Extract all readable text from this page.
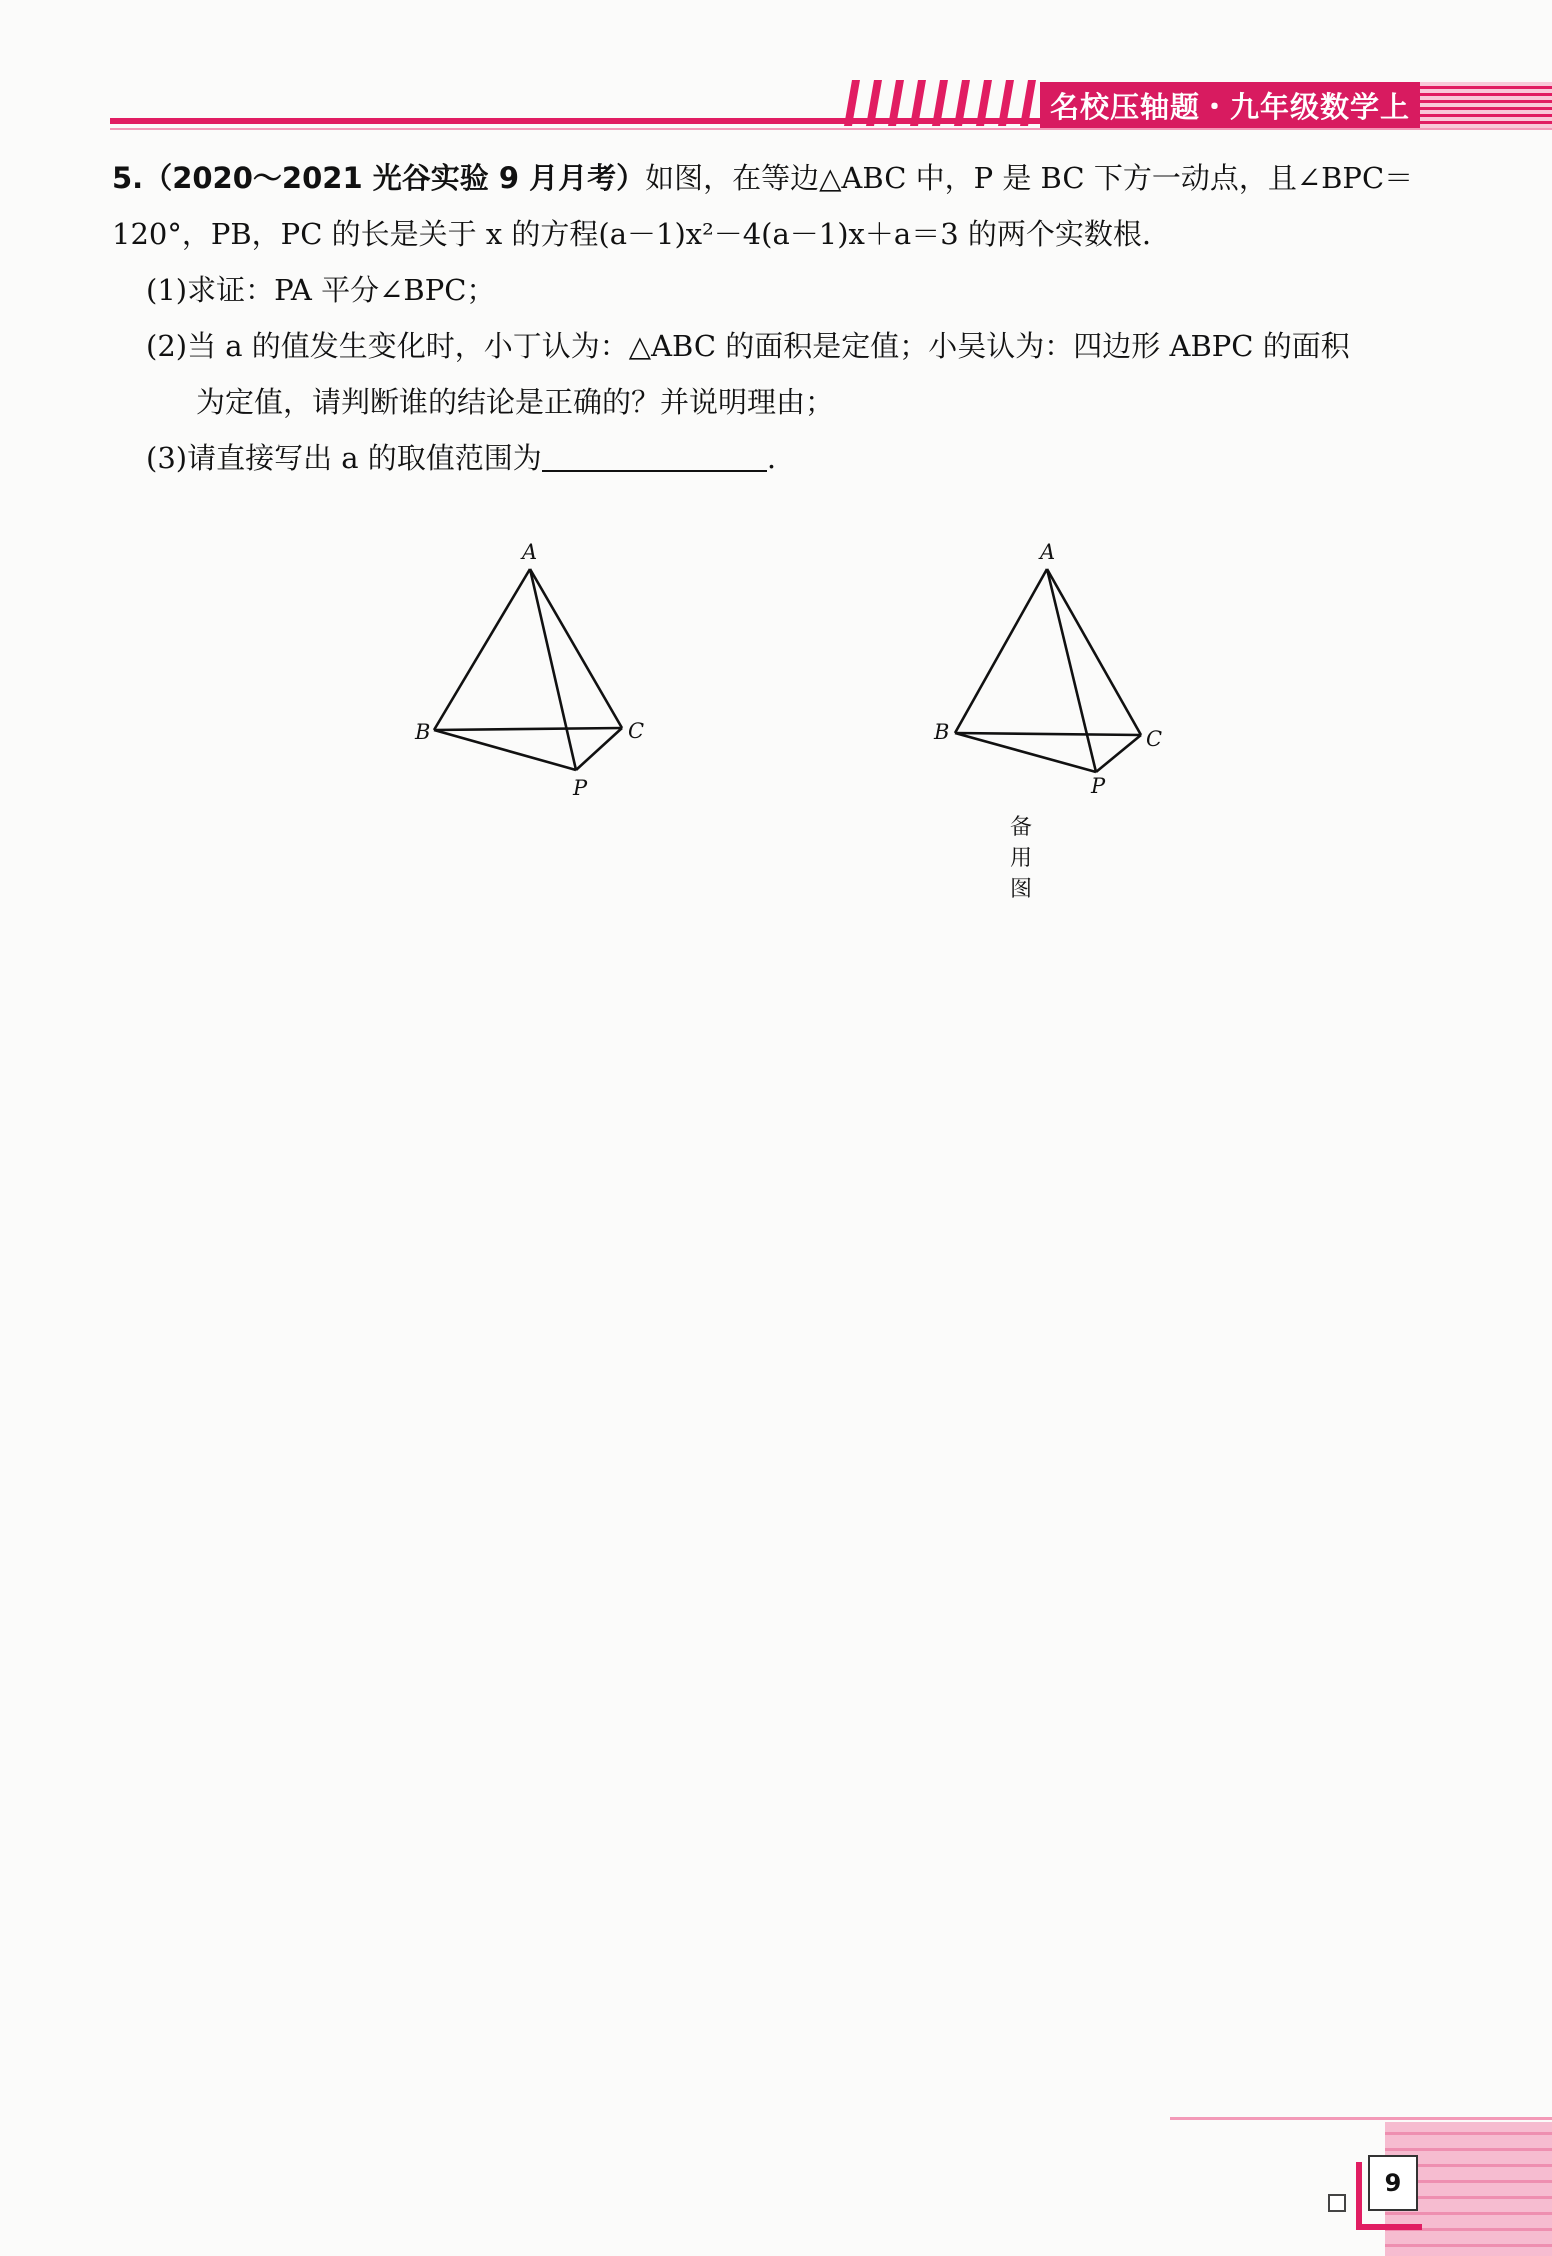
名校压轴题・九年级数学上
5.（2020～2021 光谷实验 9 月月考）如图，在等边△ABC 中，P 是 BC 下方一动点，且∠BPC＝
120°，PB，PC 的长是关于 x 的方程(a－1)x²－4(a－1)x＋a＝3 的两个实数根.
(1)求证：PA 平分∠BPC；
(2)当 a 的值发生变化时，小丁认为：△ABC 的面积是定值；小吴认为：四边形 ABPC 的面积
为定值，请判断谁的结论是正确的？并说明理由；
(3)请直接写出 a 的取值范围为	.
A
B	C
P
A
B	C
P
备用图
9
